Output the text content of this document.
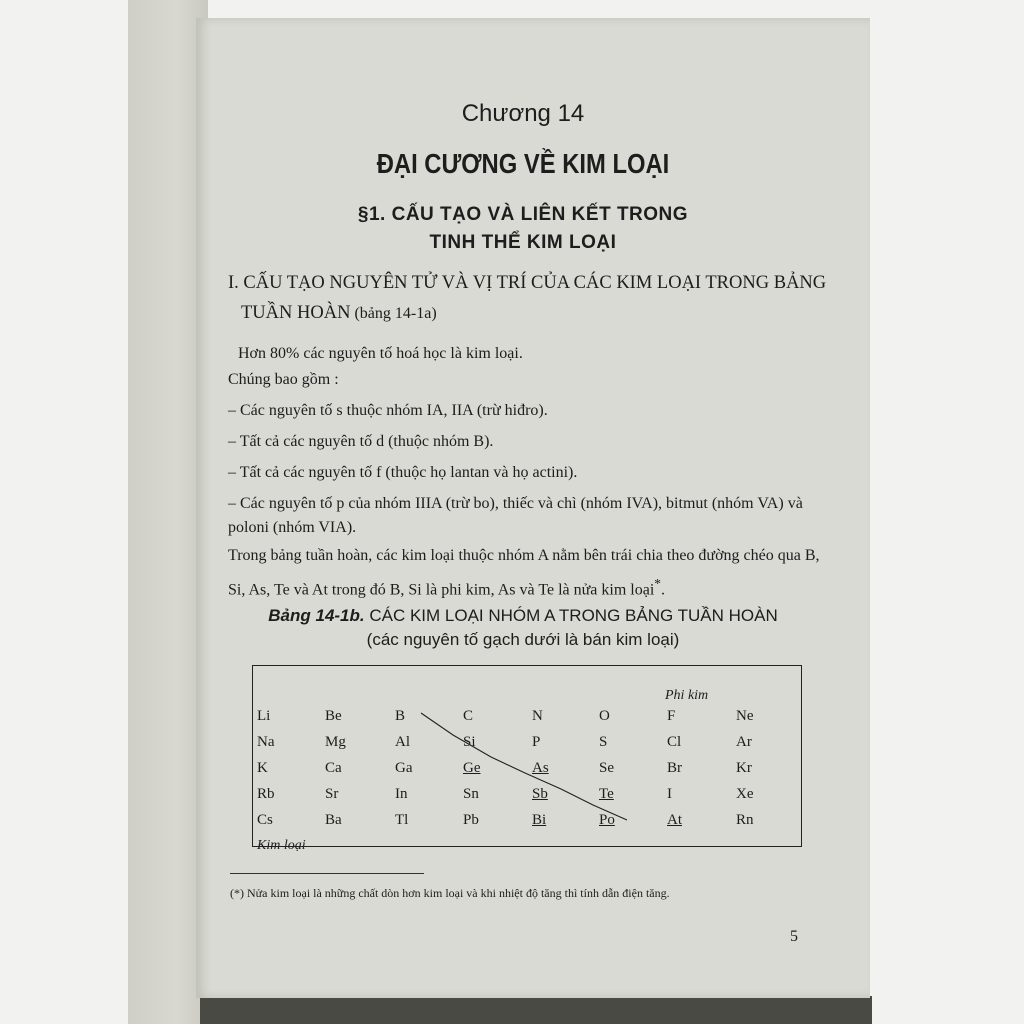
Chương 14
ĐẠI CƯƠNG VỀ KIM LOẠI
§1. CẤU TẠO VÀ LIÊN KẾT TRONG
TINH THỂ KIM LOẠI
I. CẤU TẠO NGUYÊN TỬ VÀ VỊ TRÍ CỦA CÁC KIM LOẠI TRONG BẢNG
TUẦN HOÀN (bảng 14-1a)

Hơn 80% các nguyên tố hoá học là kim loại.

Chúng bao gồm :

– Các nguyên tố s thuộc nhóm IA, IIA (trừ hiđro).

– Tất cả các nguyên tố d (thuộc nhóm B).

– Tất cả các nguyên tố f (thuộc họ lantan và họ actini).

– Các nguyên tố p của nhóm IIIA (trừ bo), thiếc và chì (nhóm IVA), bitmut (nhóm VA) và poloni (nhóm VIA).

Trong bảng tuần hoàn, các kim loại thuộc nhóm A nằm bên trái chia theo đường chéo qua B, Si, As, Te và At trong đó B, Si là phi kim, As và Te là nửa kim loại*.

Bảng 14-1b. CÁC KIM LOẠI NHÓM A TRONG BẢNG TUẦN HOÀN
(các nguyên tố gạch dưới là bán kim loại)
Phi kim
Kim loại
Li	Be	B	C	N	O	F	Ne
Na	Mg	Al	Si	P	S	Cl	Ar
K	Ca	Ga	Ge	As	Se	Br	Kr
Rb	Sr	In	Sn	Sb	Te	I	Xe
Cs	Ba	Tl	Pb	Bi	Po	At	Rn
(*) Nửa kim loại là những chất dòn hơn kim loại và khi nhiệt độ tăng thì tính dẫn điện tăng.
5
